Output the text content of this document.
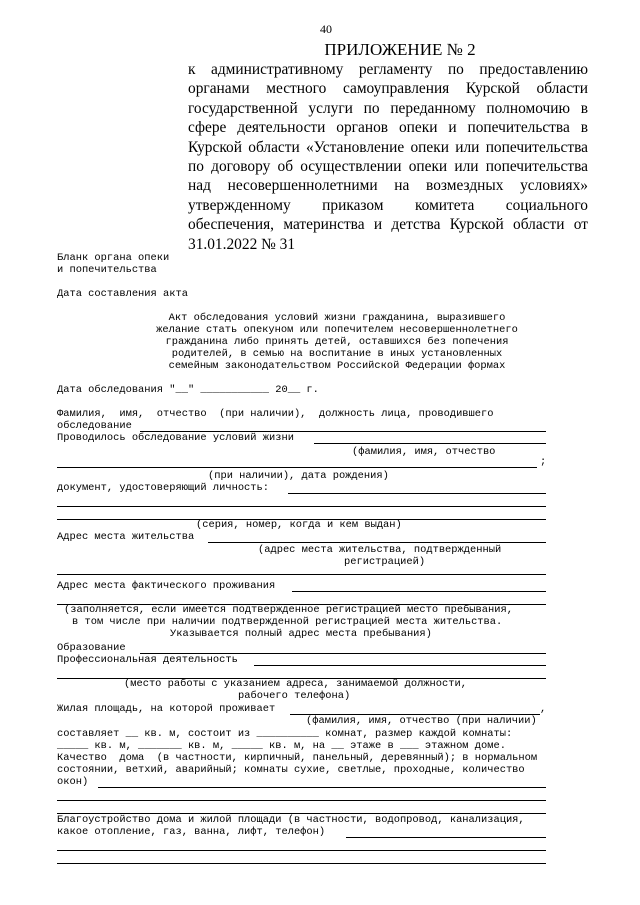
40
ПРИЛОЖЕНИЕ № 2
к административному регламенту по предоставлению
органами местного самоуправления Курской области
государственной услуги по переданному полномочию в
сфере деятельности органов опеки и попечительства в
Курской области «Установление опеки или попечительства
по договору об осуществлении опеки или попечительства
над несовершеннолетними на возмездных условиях»
утвержденному приказом комитета социального
обеспечения, материнства и детства Курской области от
31.01.2022 № 31
Бланк органа опеки
и попечительства
Дата составления акта
Акт обследования условий жизни гражданина, выразившего
желание стать опекуном или попечителем несовершеннолетнего
гражданина либо принять детей, оставшихся без попечения
родителей, в семью на воспитание в иных установленных
семейным законодательством Российской Федерации формах
Дата обследования "__" ___________ 20__ г.
Фамилия,  имя,  отчество  (при наличии),  должность лица, проводившего
обследование
Проводилось обследование условий жизни
(фамилия, имя, отчество
;
(при наличии), дата рождения)
документ, удостоверяющий личность:
(серия, номер, когда и кем выдан)
Адрес места жительства
(адрес места жительства, подтвержденный
регистрацией)
Адрес места фактического проживания
(заполняется, если имеется подтвержденное регистрацией место пребывания,
в том числе при наличии подтвержденной регистрацией места жительства.
Указывается полный адрес места пребывания)
Образование
Профессиональная деятельность
(место работы с указанием адреса, занимаемой должности,
рабочего телефона)
Жилая площадь, на которой проживает	,
(фамилия, имя, отчество (при наличии)
составляет __ кв. м, состоит из __________ комнат, размер каждой комнаты:
_____ кв. м, _______ кв. м, _____ кв. м, на __ этаже в ___ этажном доме.
Качество  дома  (в частности, кирпичный, панельный, деревянный); в нормальном
состоянии, ветхий, аварийный; комнаты сухие, светлые, проходные, количество
окон)
Благоустройство дома и жилой площади (в частности, водопровод, канализация,
какое отопление, газ, ванна, лифт, телефон)
